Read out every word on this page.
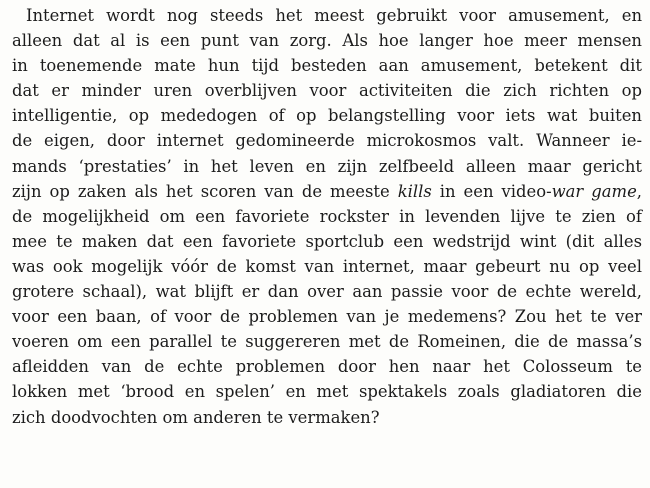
Internet wordt nog steeds het meest gebruikt voor amusement, en
alleen dat al is een punt van zorg. Als hoe langer hoe meer mensen
in toenemende mate hun tijd besteden aan amusement, betekent dit
dat er minder uren overblijven voor activiteiten die zich richten op
intelligentie, op mededogen of op belangstelling voor iets wat buiten
de eigen, door internet gedomineerde microkosmos valt. Wanneer ie-
mands ‘prestaties’ in het leven en zijn zelfbeeld alleen maar gericht
zijn op zaken als het scoren van de meeste kills in een video-war game,
de mogelijkheid om een favoriete rockster in levenden lijve te zien of
mee te maken dat een favoriete sportclub een wedstrijd wint (dit alles
was ook mogelijk vóór de komst van internet, maar gebeurt nu op veel
grotere schaal), wat blijft er dan over aan passie voor de echte wereld,
voor een baan, of voor de problemen van je medemens? Zou het te ver
voeren om een parallel te suggereren met de Romeinen, die de massa’s
afleidden van de echte problemen door hen naar het Colosseum te
lokken met ‘brood en spelen’ en met spektakels zoals gladiatoren die
zich doodvochten om anderen te vermaken?
